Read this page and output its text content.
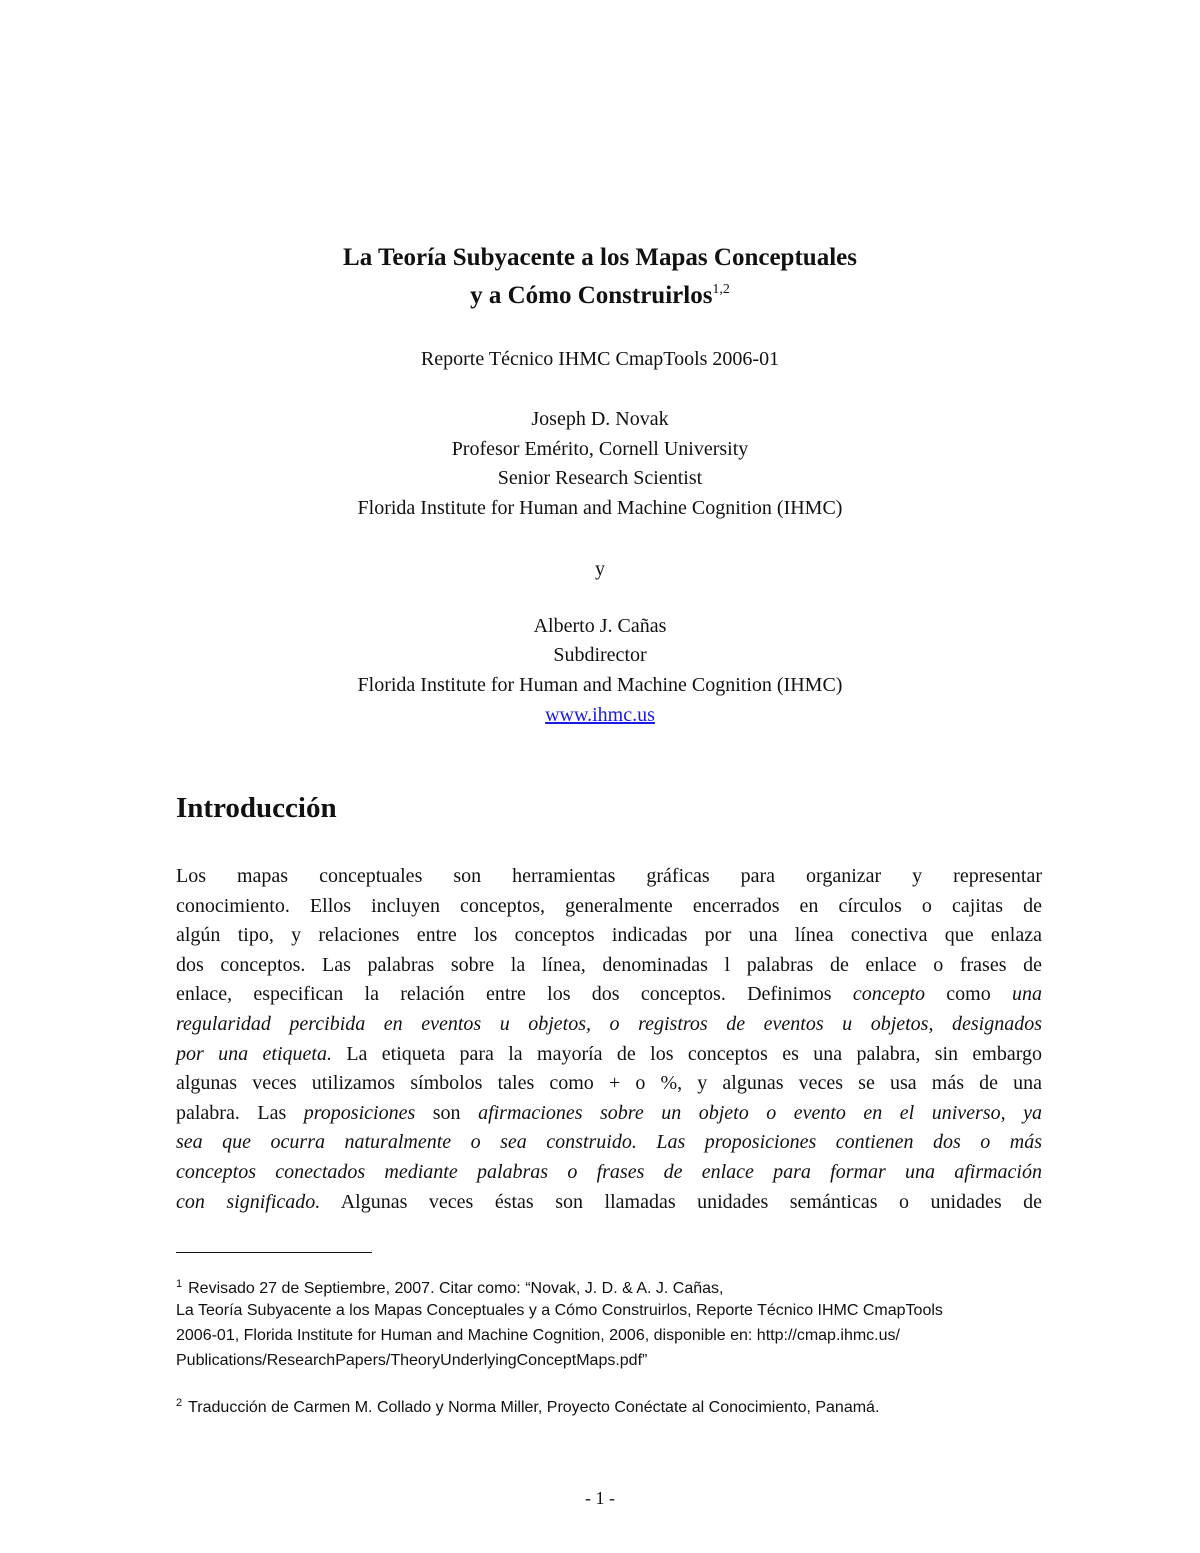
La Teoría Subyacente a los Mapas Conceptuales
y a Cómo Construirlos$^{1,2}$
Reporte Técnico IHMC CmapTools 2006-01
Joseph D. Novak
Profesor Emérito, Cornell University
Senior Research Scientist
Florida Institute for Human and Machine Cognition (IHMC)
y
Alberto J. Cañas
Subdirector
Florida Institute for Human and Machine Cognition (IHMC)
www.ihmc.us
Introducción
Los mapas conceptuales son herramientas gráficas para organizar y representar
conocimiento. Ellos incluyen conceptos, generalmente encerrados en círculos o cajitas de
algún tipo, y relaciones entre los conceptos indicadas por una línea conectiva que enlaza
dos conceptos. Las palabras sobre la línea, denominadas l palabras de enlace o frases de
enlace, especifican la relación entre los dos conceptos. Definimos concepto como una
regularidad percibida en eventos u objetos, o registros de eventos u objetos, designados
por una etiqueta. La etiqueta para la mayoría de los conceptos es una palabra, sin embargo
algunas veces utilizamos símbolos tales como + o %, y algunas veces se usa más de una
palabra. Las proposiciones son afirmaciones sobre un objeto o evento en el universo, ya
sea que ocurra naturalmente o sea construido. Las proposiciones contienen dos o más
conceptos conectados mediante palabras o frases de enlace para formar una afirmación
con significado. Algunas veces éstas son llamadas unidades semánticas o unidades de
$^1$ Revisado 27 de Septiembre, 2007. Citar como: “Novak, J. D. & A. J. Cañas,
La Teoría Subyacente a los Mapas Conceptuales y a Cómo Construirlos, Reporte Técnico IHMC CmapTools
2006-01, Florida Institute for Human and Machine Cognition, 2006, disponible en: http://cmap.ihmc.us/
Publications/ResearchPapers/TheoryUnderlyingConceptMaps.pdf”
$^2$ Traducción de Carmen M. Collado y Norma Miller, Proyecto Conéctate al Conocimiento, Panamá.
- 1 -
